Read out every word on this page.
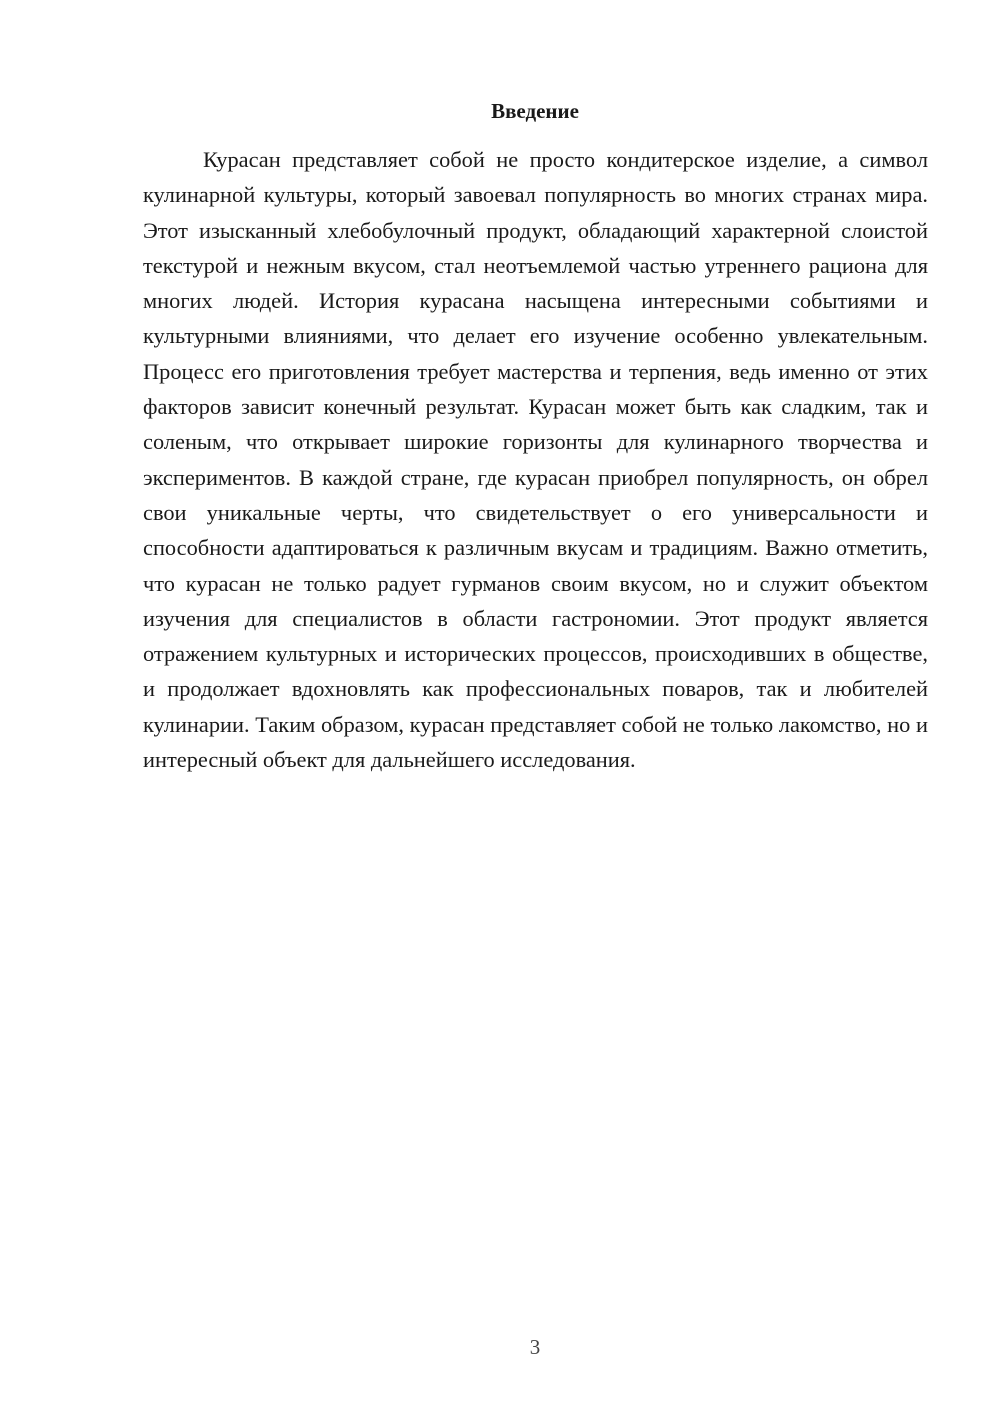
Введение

Курасан представляет собой не просто кондитерское изделие, а символ кулинарной культуры, который завоевал популярность во многих странах мира. Этот изысканный хлебобулочный продукт, обладающий характерной слоистой текстурой и нежным вкусом, стал неотъемлемой частью утреннего рациона для многих людей. История курасана насыщена интересными событиями и культурными влияниями, что делает его изучение особенно увлекательным. Процесс его приготовления требует мастерства и терпения, ведь именно от этих факторов зависит конечный результат. Курасан может быть как сладким, так и соленым, что открывает широкие горизонты для кулинарного творчества и экспериментов. В каждой стране, где курасан приобрел популярность, он обрел свои уникальные черты, что свидетельствует о его универсальности и способности адаптироваться к различным вкусам и традициям. Важно отметить, что курасан не только радует гурманов своим вкусом, но и служит объектом изучения для специалистов в области гастрономии. Этот продукт является отражением культурных и исторических процессов, происходивших в обществе, и продолжает вдохновлять как профессиональных поваров, так и любителей кулинарии. Таким образом, курасан представляет собой не только лакомство, но и интересный объект для дальнейшего исследования.

3
